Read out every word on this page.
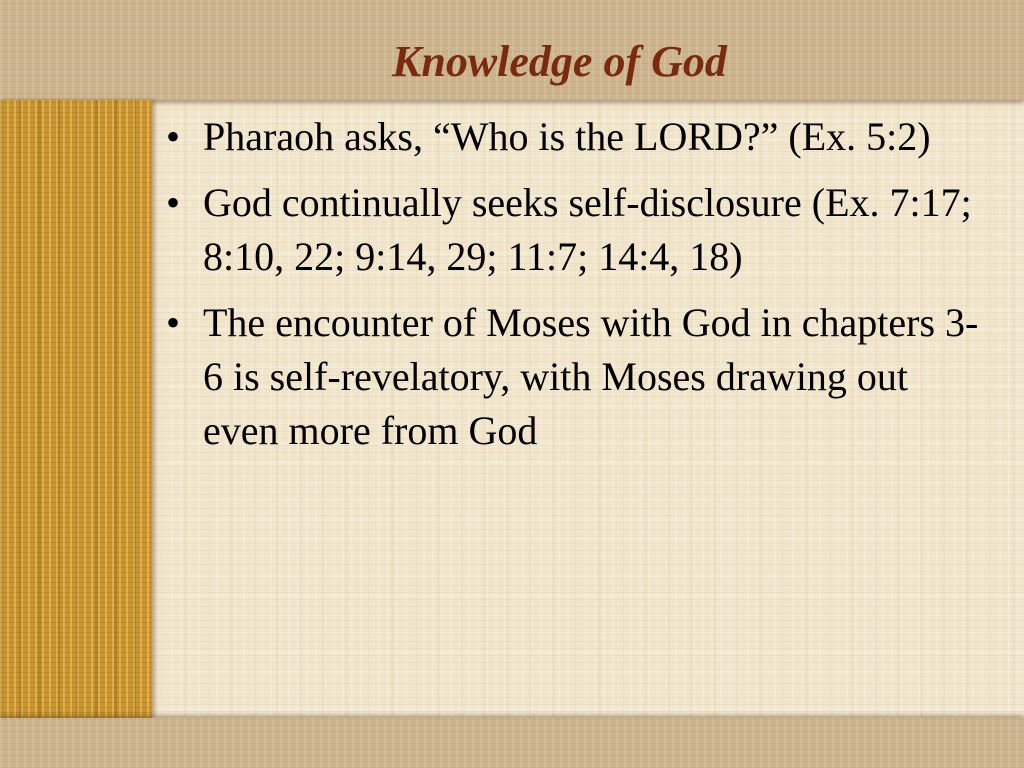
Knowledge of God
• Pharaoh asks, “Who is the LORD?” (Ex. 5:2)
• God continually seeks self-disclosure (Ex. 7:17; 8:10, 22; 9:14, 29; 11:7; 14:4, 18)
• The encounter of Moses with God in chapters 3-6 is self-revelatory, with Moses drawing out even more from God
